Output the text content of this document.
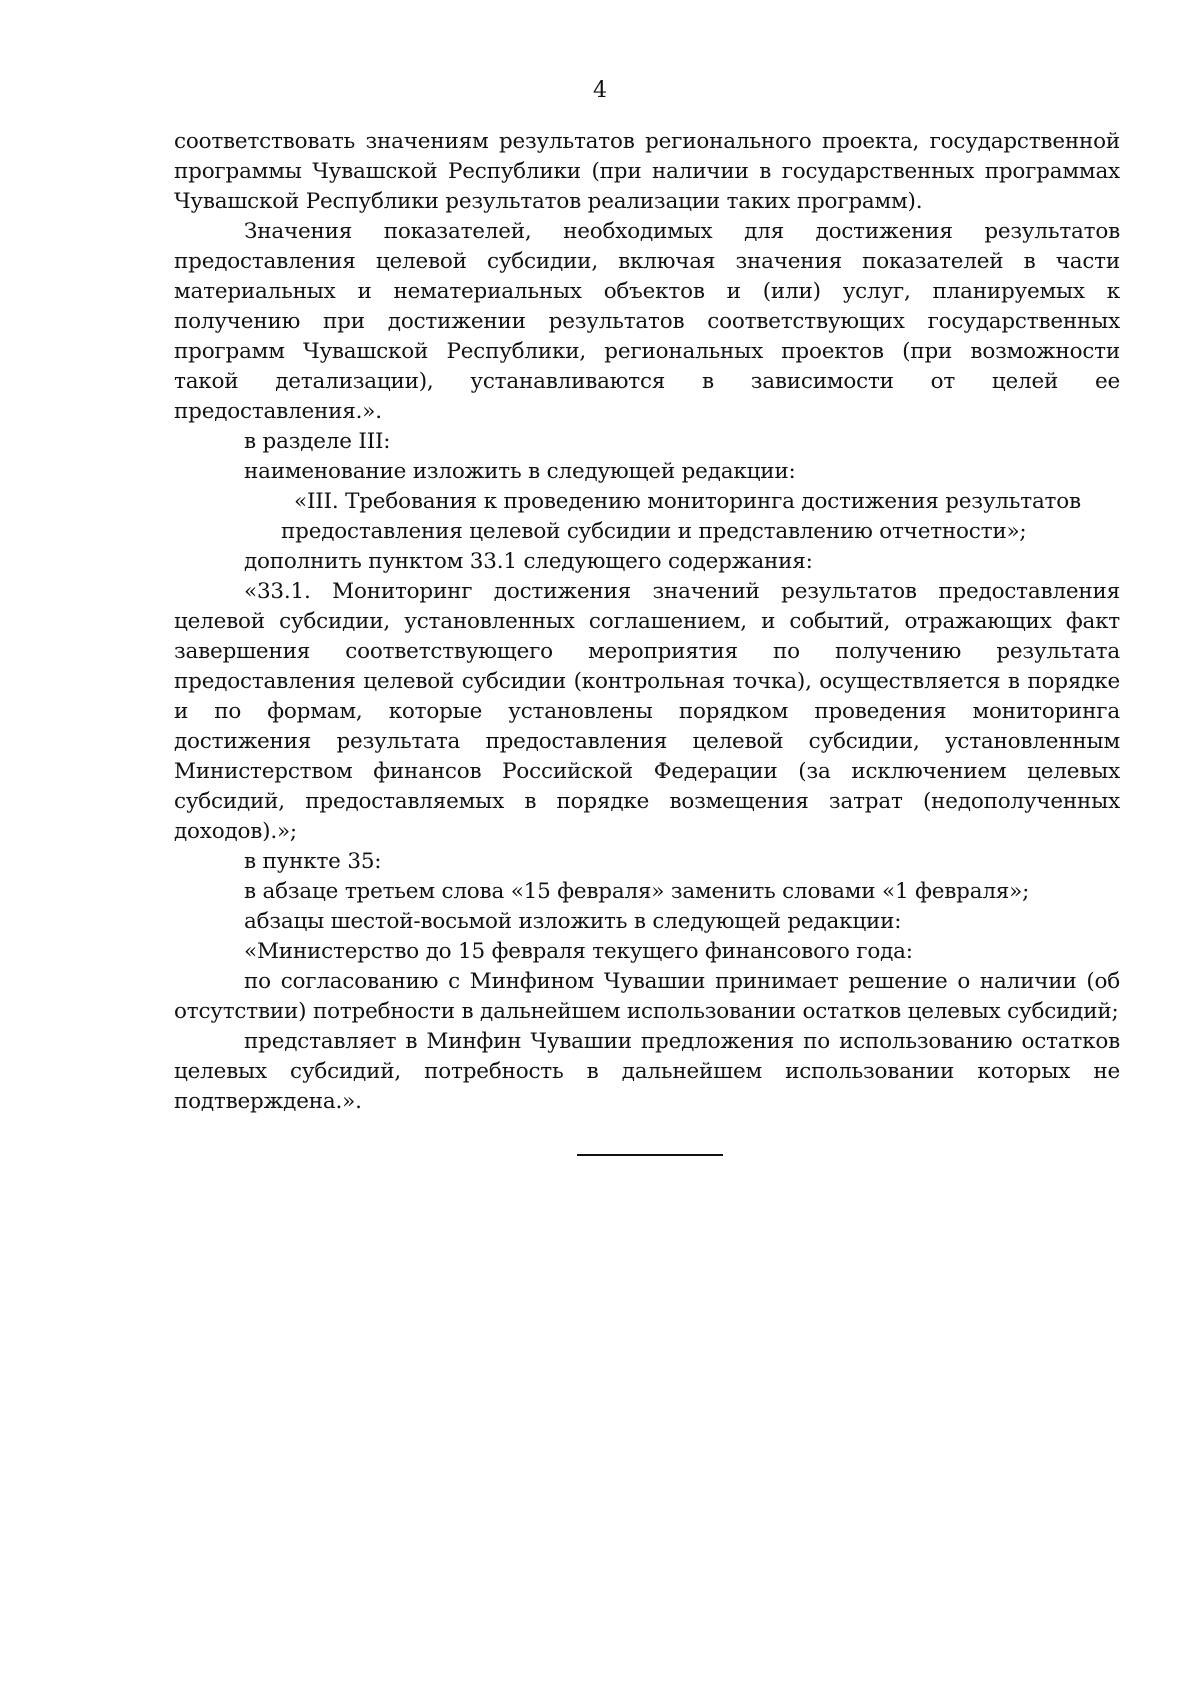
4

соответствовать значениям результатов регионального проекта, государственной программы Чувашской Республики (при наличии в государственных программах Чувашской Республики результатов реализации таких программ).

Значения показателей, необходимых для достижения результатов предоставления целевой субсидии, включая значения показателей в части материальных и нематериальных объектов и (или) услуг, планируемых к получению при достижении результатов соответствующих государственных программ Чувашской Республики, региональных проектов (при возможности такой детализации), устанавливаются в зависимости от целей ее предоставления.».

в разделе III:

наименование изложить в следующей редакции:

«III. Требования к проведению мониторинга достижения результатов

предоставления целевой субсидии и представлению отчетности»;

дополнить пунктом 33.1 следующего содержания:

«33.1. Мониторинг достижения значений результатов предоставления целевой субсидии, установленных соглашением, и событий, отражающих факт завершения соответствующего мероприятия по получению результата предоставления целевой субсидии (контрольная точка), осуществляется в порядке и по формам, которые установлены порядком проведения мониторинга достижения результата предоставления целевой субсидии, установленным Министерством финансов Российской Федерации (за исключением целевых субсидий, предоставляемых в порядке возмещения затрат (недополученных доходов).»;

в пункте 35:

в абзаце третьем слова «15 февраля» заменить словами «1 февраля»;

абзацы шестой-восьмой изложить в следующей редакции:

«Министерство до 15 февраля текущего финансового года:

по согласованию с Минфином Чувашии принимает решение о наличии (об отсутствии) потребности в дальнейшем использовании остатков целевых субсидий;

представляет в Минфин Чувашии предложения по использованию остатков целевых субсидий, потребность в дальнейшем использовании которых не подтверждена.».
